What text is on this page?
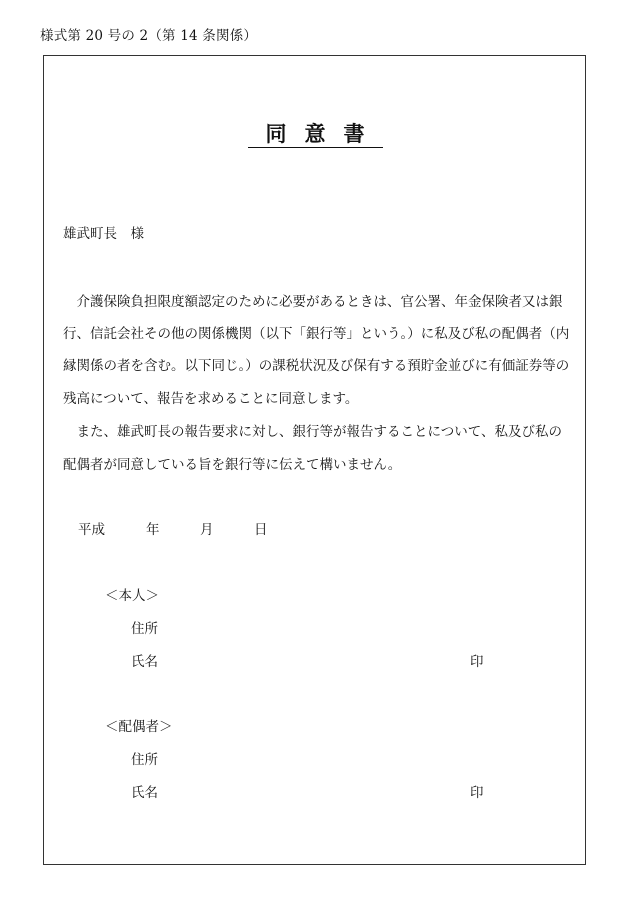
様式第 20 号の 2（第 14 条関係）
同意書
雄武町長　様
　介護保険負担限度額認定のために必要があるときは、官公署、年金保険者又は銀
行、信託会社その他の関係機関（以下「銀行等」という。）に私及び私の配偶者（内
縁関係の者を含む。以下同じ。）の課税状況及び保有する預貯金並びに有価証券等の
残高について、報告を求めることに同意します。
　また、雄武町長の報告要求に対し、銀行等が報告することについて、私及び私の
配偶者が同意している旨を銀行等に伝えて構いません。
平成	年	月	日
＜本人＞
住所
氏名	印
＜配偶者＞
住所
氏名	印
